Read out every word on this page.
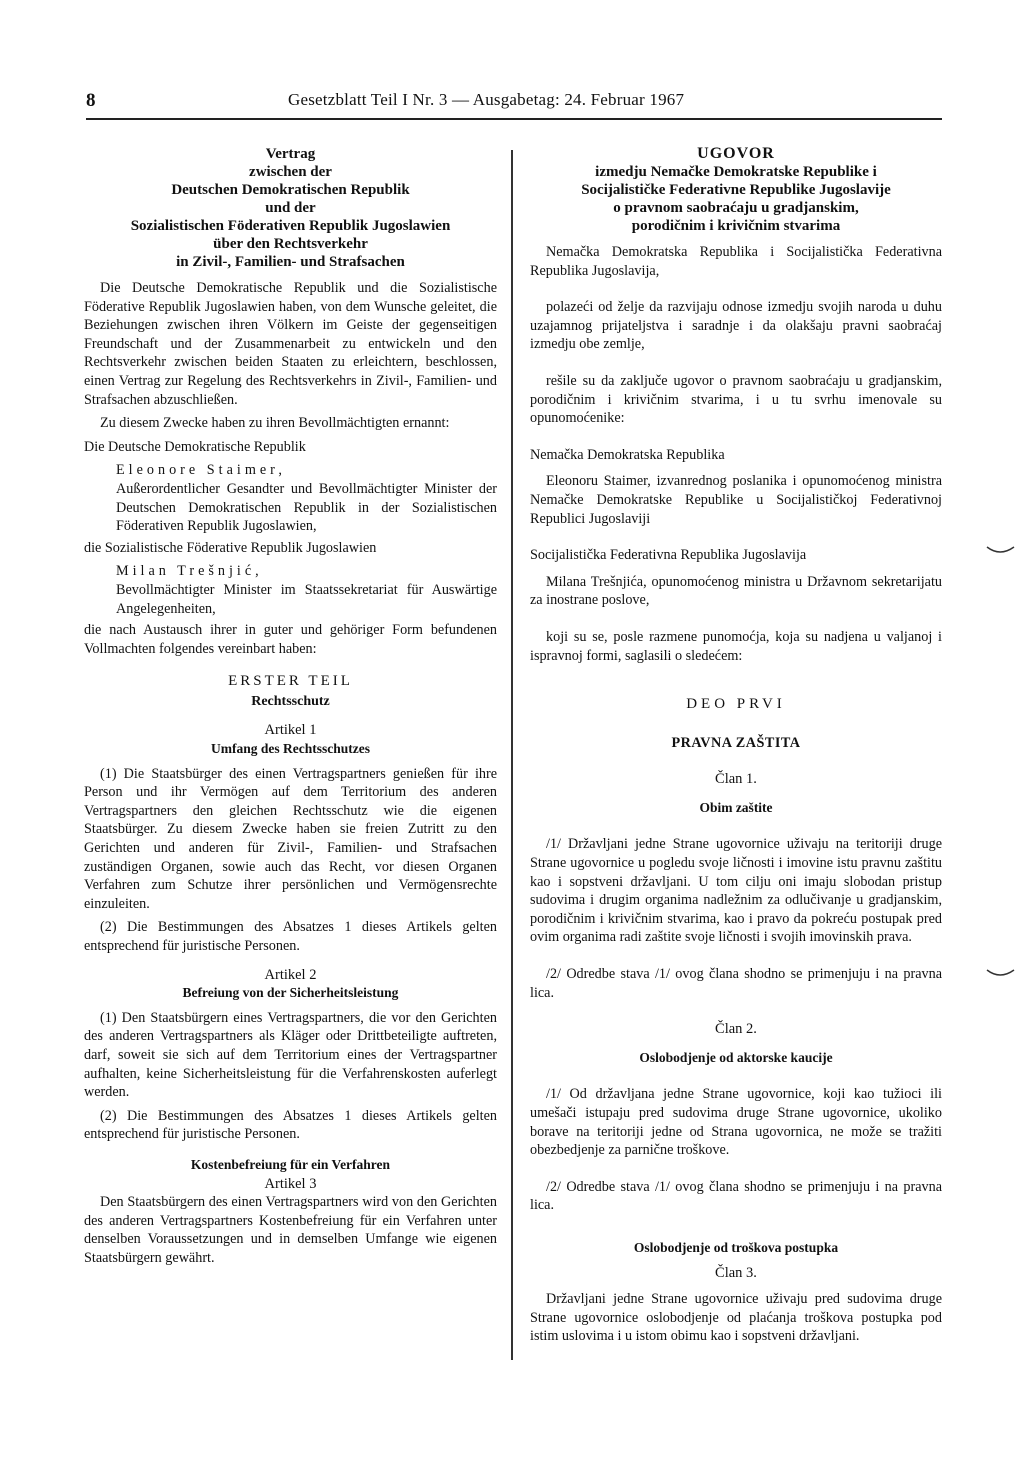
8	Gesetzblatt Teil I Nr. 3 — Ausgabetag: 24. Februar 1967
Vertrag
zwischen der
Deutschen Demokratischen Republik
und der
Sozialistischen Föderativen Republik Jugoslawien
über den Rechtsverkehr
in Zivil-, Familien- und Strafsachen

Die Deutsche Demokratische Republik und die Sozialistische Föderative Republik Jugoslawien haben, von dem Wunsche geleitet, die Beziehungen zwischen ihren Völkern im Geiste der gegenseitigen Freundschaft und der Zusammenarbeit zu entwickeln und den Rechtsverkehr zwischen beiden Staaten zu erleichtern, beschlossen, einen Vertrag zur Regelung des Rechtsverkehrs in Zivil-, Familien- und Strafsachen abzuschließen.

Zu diesem Zwecke haben zu ihren Bevollmächtigten ernannt:

Die Deutsche Demokratische Republik

Eleonore Staimer,

Außerordentlicher Gesandter und Bevollmächtigter Minister der Deutschen Demokratischen Republik in der Sozialistischen Föderativen Republik Jugoslawien,

die Sozialistische Föderative Republik Jugoslawien

Milan Trešnjić,

Bevollmächtigter Minister im Staatssekretariat für Auswärtige Angelegenheiten,

die nach Austausch ihrer in guter und gehöriger Form befundenen Vollmachten folgendes vereinbart haben:

ERSTER TEIL
Rechtsschutz
Artikel 1
Umfang des Rechtsschutzes

(1) Die Staatsbürger des einen Vertragspartners genießen für ihre Person und ihr Vermögen auf dem Territorium des anderen Vertragspartners den gleichen Rechtsschutz wie die eigenen Staatsbürger. Zu diesem Zwecke haben sie freien Zutritt zu den Gerichten und anderen für Zivil-, Familien- und Strafsachen zuständigen Organen, sowie auch das Recht, vor diesen Organen Verfahren zum Schutze ihrer persönlichen und Vermögensrechte einzuleiten.

(2) Die Bestimmungen des Absatzes 1 dieses Artikels gelten entsprechend für juristische Personen.

Artikel 2
Befreiung von der Sicherheitsleistung

(1) Den Staatsbürgern eines Vertragspartners, die vor den Gerichten des anderen Vertragspartners als Kläger oder Drittbeteiligte auftreten, darf, soweit sie sich auf dem Territorium eines der Vertragspartner aufhalten, keine Sicherheitsleistung für die Verfahrenskosten auferlegt werden.

(2) Die Bestimmungen des Absatzes 1 dieses Artikels gelten entsprechend für juristische Personen.

Kostenbefreiung für ein Verfahren
Artikel 3

Den Staatsbürgern des einen Vertragspartners wird von den Gerichten des anderen Vertragspartners Kostenbefreiung für ein Verfahren unter denselben Voraussetzungen und in demselben Umfange wie eigenen Staatsbürgern gewährt.

UGOVOR
izmedju Nemačke Demokratske Republike i
Socijalističke Federativne Republike Jugoslavije
o pravnom saobraćaju u gradjanskim,
porodičnim i krivičnim stvarima

Nemačka Demokratska Republika i Socijalistička Federativna Republika Jugoslavija,

polazeći od želje da razvijaju odnose izmedju svojih naroda u duhu uzajamnog prijateljstva i saradnje i da olakšaju pravni saobraćaj izmedju obe zemlje,

rešile su da zaključe ugovor o pravnom saobraćaju u gradjanskim, porodičnim i krivičnim stvarima, i u tu svrhu imenovale su opunomoćenike:

Nemačka Demokratska Republika

Eleonoru Staimer, izvanrednog poslanika i opunomoćenog ministra Nemačke Demokratske Republike u Socijalističkoj Federativnoj Republici Jugoslaviji

Socijalistička Federativna Republika Jugoslavija

Milana Trešnjića, opunomoćenog ministra u Državnom sekretarijatu za inostrane poslove,

koji su se, posle razmene punomoćja, koja su nadjena u valjanoj i ispravnoj formi, saglasili o sledećem:

DEO PRVI
PRAVNA ZAŠTITA
Član 1.
Obim zaštite

/1/ Državljani jedne Strane ugovornice uživaju na teritoriji druge Strane ugovornice u pogledu svoje ličnosti i imovine istu pravnu zaštitu kao i sopstveni državljani. U tom cilju oni imaju slobodan pristup sudovima i drugim organima nadležnim za odlučivanje u gradjanskim, porodičnim i krivičnim stvarima, kao i pravo da pokreću postupak pred ovim organima radi zaštite svoje ličnosti i svojih imovinskih prava.

/2/ Odredbe stava /1/ ovog člana shodno se primenjuju i na pravna lica.

Član 2.
Oslobodjenje od aktorske kaucije

/1/ Od državljana jedne Strane ugovornice, koji kao tužioci ili umešači istupaju pred sudovima druge Strane ugovornice, ukoliko borave na teritoriji jedne od Strana ugovornica, ne može se tražiti obezbedjenje za parnične troškove.

/2/ Odredbe stava /1/ ovog člana shodno se primenjuju i na pravna lica.

Oslobodjenje od troškova postupka
Član 3.

Državljani jedne Strane ugovornice uživaju pred sudovima druge Strane ugovornice oslobodjenje od plaćanja troškova postupka pod istim uslovima i u istom obimu kao i sopstveni državljani.
